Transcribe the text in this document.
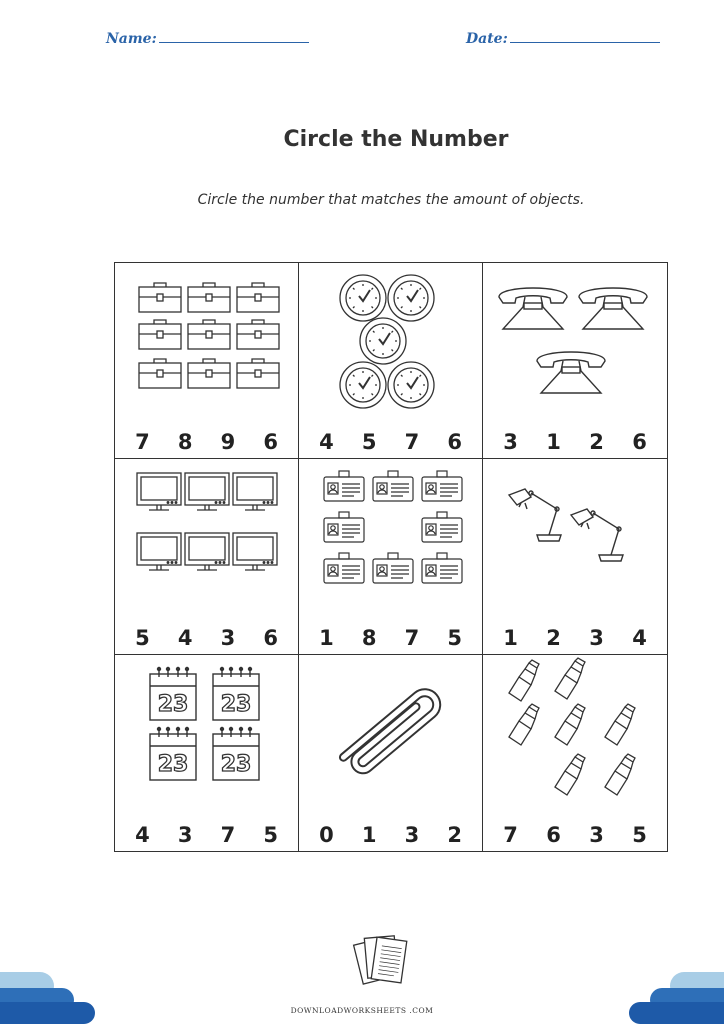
Name:	Date:
Circle the Number
Circle the number that matches the amount of objects.
7 8 9 6 4 5 7 6 3 1 2 6
5 4 3 6 1 8 7 5 1 2 3 4
23 23
23 23
4 3 7 5 0 1 3 2 7 6 3 5
DOWNLOADWORKSHEETS .COM
